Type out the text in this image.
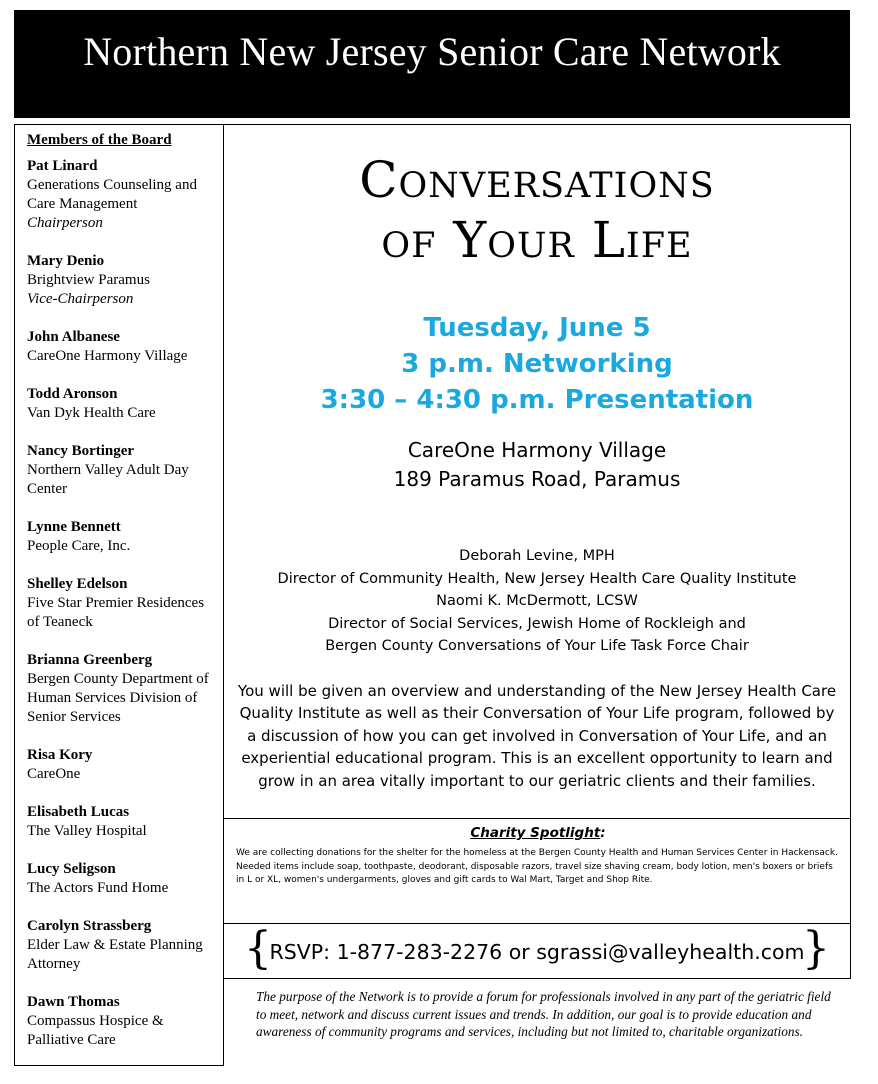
Northern New Jersey Senior Care Network
Members of the Board
Pat Linard
Generations Counseling and Care Management
Chairperson
Mary Denio
Brightview Paramus
Vice-Chairperson
John Albanese
CareOne Harmony Village
Todd Aronson
Van Dyk Health Care
Nancy Bortinger
Northern Valley Adult Day Center
Lynne Bennett
People Care, Inc.
Shelley Edelson
Five Star Premier Residences of Teaneck
Brianna Greenberg
Bergen County Department of Human Services Division of Senior Services
Risa Kory
CareOne
Elisabeth Lucas
The Valley Hospital
Lucy Seligson
The Actors Fund Home
Carolyn Strassberg
Elder Law & Estate Planning Attorney
Dawn Thomas
Compassus Hospice & Palliative Care
Conversations
of Your Life
Tuesday, June 5
3 p.m. Networking
3:30 – 4:30 p.m. Presentation
CareOne Harmony Village
189 Paramus Road, Paramus
Deborah Levine, MPH
Director of Community Health, New Jersey Health Care Quality Institute
Naomi K. McDermott, LCSW
Director of Social Services, Jewish Home of Rockleigh and
Bergen County Conversations of Your Life Task Force Chair
You will be given an overview and understanding of the New Jersey Health Care Quality Institute as well as their Conversation of Your Life program, followed by a discussion of how you can get involved in Conversation of Your Life, and an experiential educational program. This is an excellent opportunity to learn and grow in an area vitally important to our geriatric clients and their families.
Charity Spotlight:
We are collecting donations for the shelter for the homeless at the Bergen County Health and Human Services Center in Hackensack. Needed items include soap, toothpaste, deodorant, disposable razors, travel size shaving cream, body lotion, men's boxers or briefs in L or XL, women's undergarments, gloves and gift cards to Wal Mart, Target and Shop Rite.
{
RSVP: 1-877-283-2276 or sgrassi@valleyhealth.com
}
The purpose of the Network is to provide a forum for professionals involved in any part of the geriatric field to meet, network and discuss current issues and trends. In addition, our goal is to provide education and awareness of community programs and services, including but not limited to, charitable organizations.
